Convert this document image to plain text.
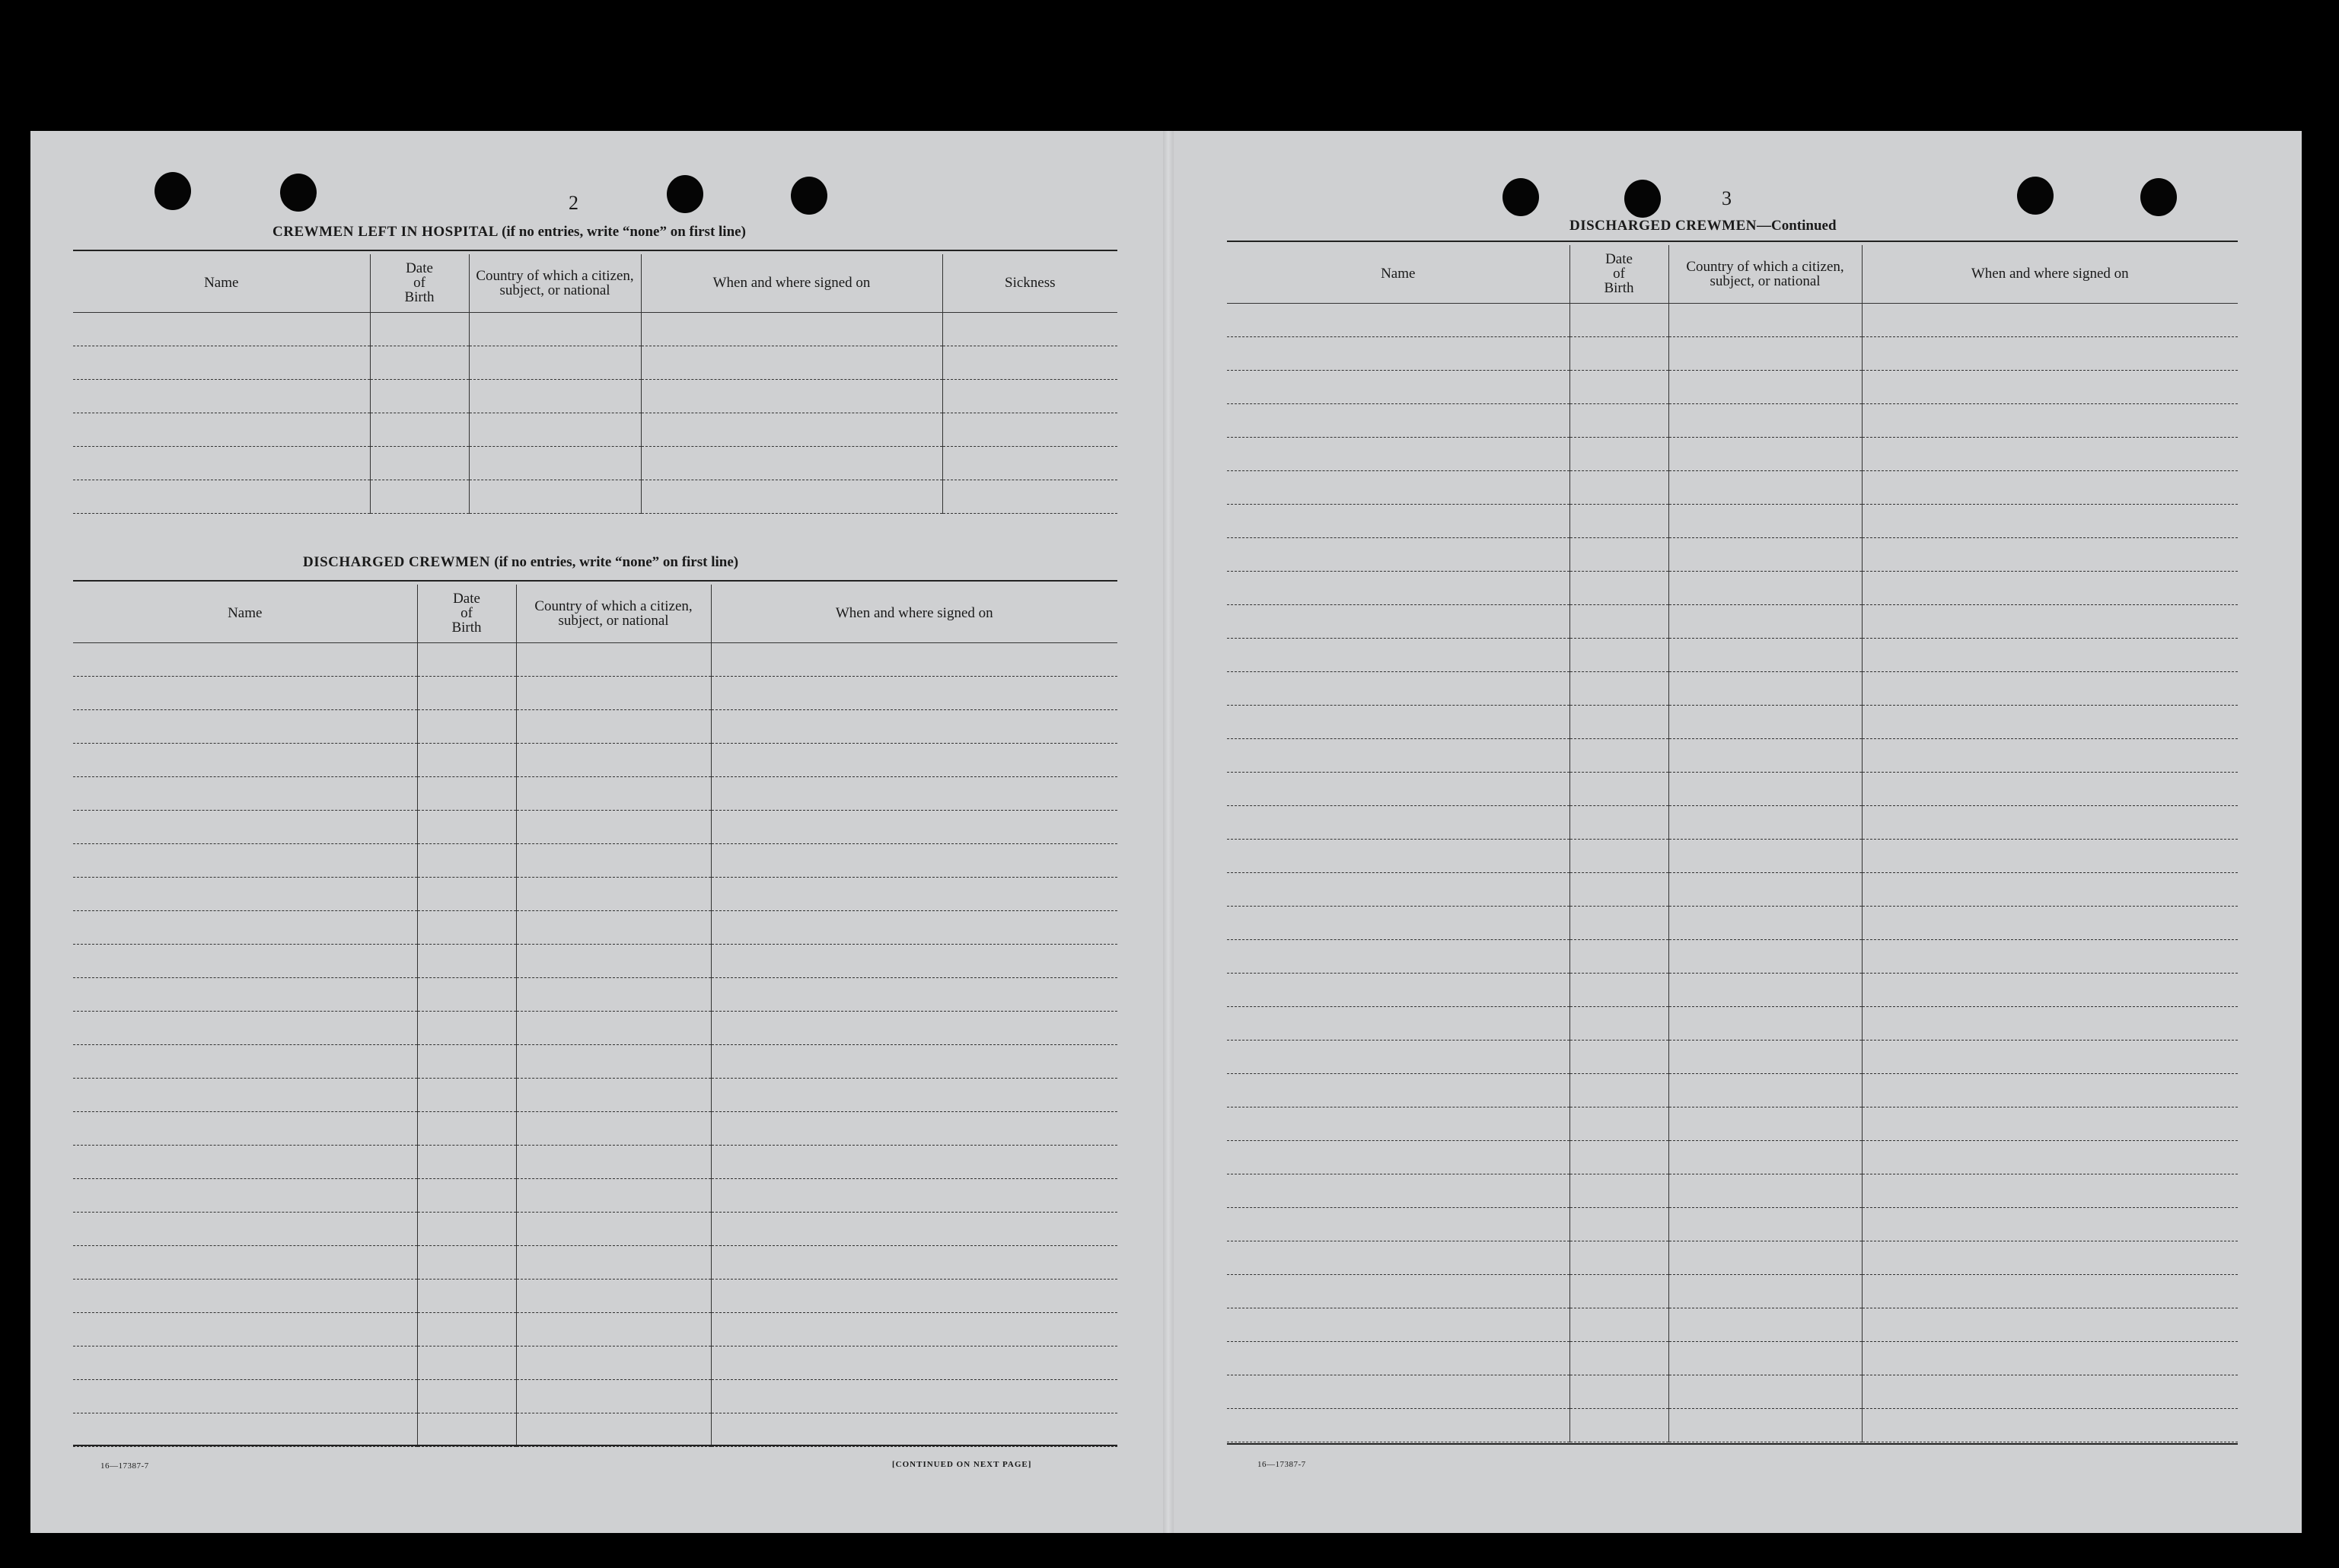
2
CREWMEN LEFT IN HOSPITAL (if no entries, write “none” on first line)
Name	Date
of
Birth	Country of which a citizen, subject, or national	When and where signed on	Sickness

DISCHARGED CREWMEN (if no entries, write “none” on first line)
Name	Date
of
Birth	Country of which a citizen, subject, or national	When and where signed on

16—17387-7	[CONTINUED ON NEXT PAGE]
3
DISCHARGED CREWMEN—Continued
Name	Date
of
Birth	Country of which a citizen, subject, or national	When and where signed on

16—17387-7
